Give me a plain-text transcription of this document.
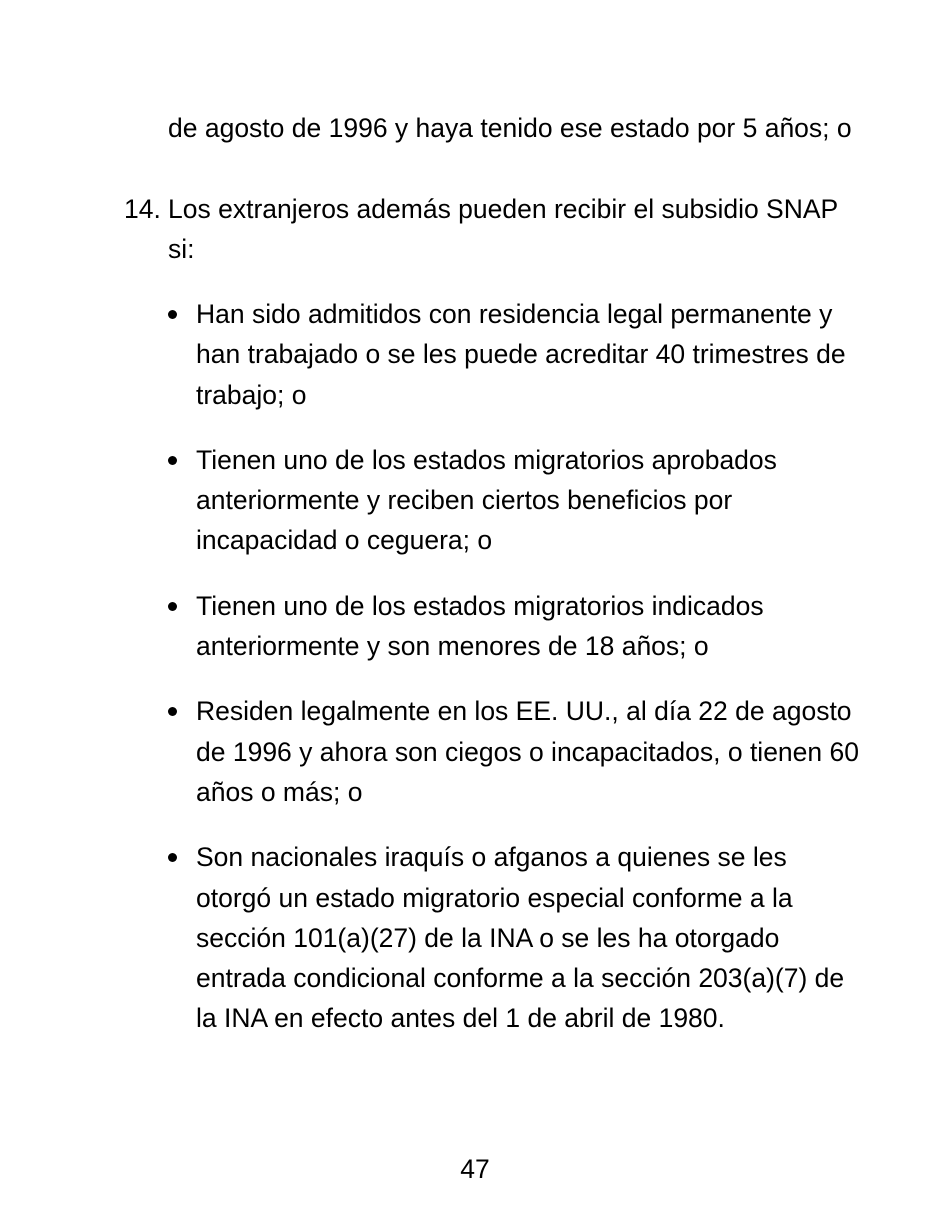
de agosto de 1996 y haya tenido ese estado por 5 años; o

14. Los extranjeros además pueden recibir el subsidio SNAP si:

Han sido admitidos con residencia legal permanente y han trabajado o se les puede acreditar 40 trimestres de trabajo; o
Tienen uno de los estados migratorios aprobados anteriormente y reciben ciertos beneficios por incapacidad o ceguera; o
Tienen uno de los estados migratorios indicados anteriormente y son menores de 18 años; o
Residen legalmente en los EE. UU., al día 22 de agosto de 1996 y ahora son ciegos o incapacitados, o tienen 60 años o más; o
Son nacionales iraquís o afganos a quienes se les otorgó un estado migratorio especial conforme a la sección 101(a)(27) de la INA o se les ha otorgado entrada condicional conforme a la sección 203(a)(7) de la INA en efecto antes del 1 de abril de 1980.
47
